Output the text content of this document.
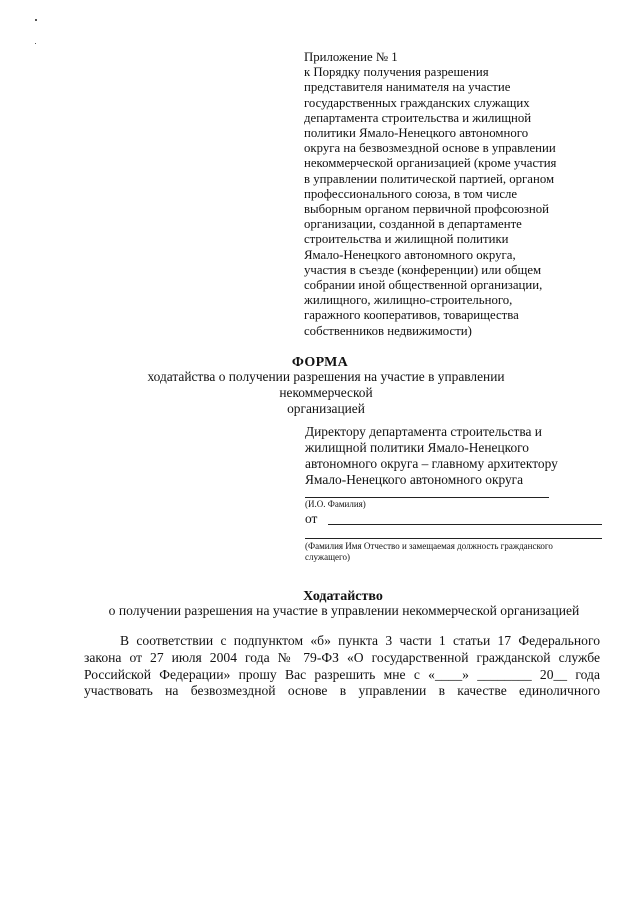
Приложение № 1
к Порядку получения разрешения
представителя нанимателя на участие
государственных гражданских служащих
департамента строительства и жилищной
политики Ямало-Ненецкого автономного
округа на безвозмездной основе в управлении
некоммерческой организацией (кроме участия
в управлении политической партией, органом
профессионального союза, в том числе
выборным органом первичной профсоюзной
организации, созданной в департаменте
строительства и жилищной политики
Ямало-Ненецкого автономного округа,
участия в съезде (конференции) или общем
собрании иной общественной организации,
жилищного, жилищно-строительного,
гаражного кооперативов, товарищества
собственников недвижимости)
ФОРМА
ходатайства о получении разрешения на участие в управлении некоммерческой
организацией
Директору департамента строительства и
жилищной политики Ямало-Ненецкого
автономного округа – главному архитектору
Ямало-Ненецкого автономного округа
(И.О. Фамилия)
от
(Фамилия Имя Отчество и замещаемая должность гражданского
служащего)
Ходатайство
о получении разрешения на участие в управлении некоммерческой организацией
В соответствии с подпунктом «б» пункта 3 части 1 статьи 17 Федерального
закона от 27 июля 2004 года № 79-ФЗ «О государственной гражданской службе
Российской Федерации» прошу Вас разрешить мне с «____» ________ 20__ года
участвовать на безвозмездной основе в управлении в качестве единоличного
